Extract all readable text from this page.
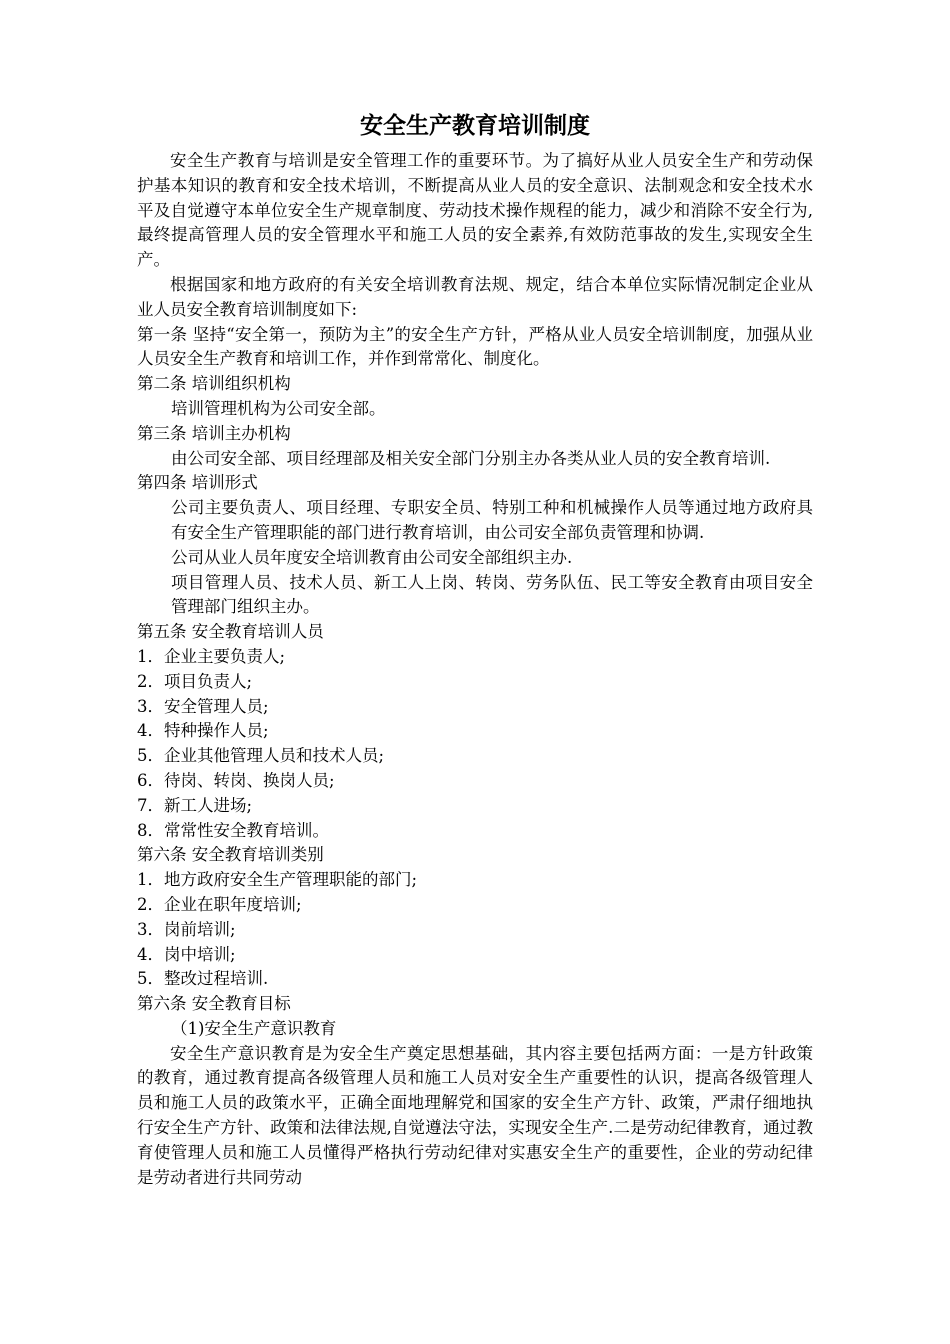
安全生产教育培训制度

安全生产教育与培训是安全管理工作的重要环节。为了搞好从业人员安全生产和劳动保护基本知识的教育和安全技术培训，不断提高从业人员的安全意识、法制观念和安全技术水平及自觉遵守本单位安全生产规章制度、劳动技术操作规程的能力，减少和消除不安全行为,最终提高管理人员的安全管理水平和施工人员的安全素养,有效防范事故的发生,实现安全生产。

根据国家和地方政府的有关安全培训教育法规、规定，结合本单位实际情况制定企业从业人员安全教育培训制度如下:

第一条 坚持“安全第一，预防为主”的安全生产方针，严格从业人员安全培训制度，加强从业人员安全生产教育和培训工作，并作到常常化、制度化。

第二条 培训组织机构

培训管理机构为公司安全部。

第三条 培训主办机构

由公司安全部、项目经理部及相关安全部门分别主办各类从业人员的安全教育培训.

第四条 培训形式

公司主要负责人、项目经理、专职安全员、特别工种和机械操作人员等通过地方政府具有安全生产管理职能的部门进行教育培训，由公司安全部负责管理和协调.

公司从业人员年度安全培训教育由公司安全部组织主办.

项目管理人员、技术人员、新工人上岗、转岗、劳务队伍、民工等安全教育由项目安全管理部门组织主办。

第五条 安全教育培训人员

1．企业主要负责人;

2．项目负责人;

3．安全管理人员;

4．特种操作人员;

5．企业其他管理人员和技术人员;

6．待岗、转岗、换岗人员;

7．新工人进场;

8．常常性安全教育培训。

第六条 安全教育培训类别

1．地方政府安全生产管理职能的部门;

2．企业在职年度培训;

3．岗前培训;

4．岗中培训;

5．整改过程培训.

第六条 安全教育目标

（1)安全生产意识教育

安全生产意识教育是为安全生产奠定思想基础，其内容主要包括两方面：一是方针政策的教育，通过教育提高各级管理人员和施工人员对安全生产重要性的认识，提高各级管理人员和施工人员的政策水平，正确全面地理解党和国家的安全生产方针、政策，严肃仔细地执行安全生产方针、政策和法律法规,自觉遵法守法，实现安全生产.二是劳动纪律教育，通过教育使管理人员和施工人员懂得严格执行劳动纪律对实惠安全生产的重要性，企业的劳动纪律是劳动者进行共同劳动
